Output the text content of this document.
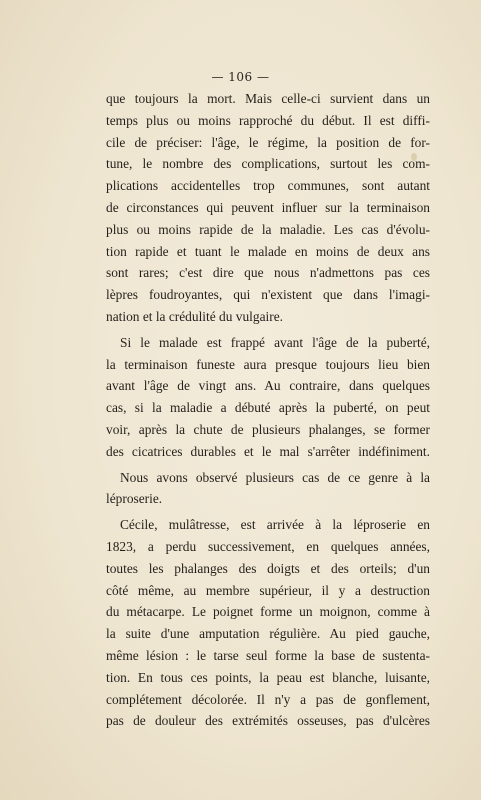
— 106 —
que toujours la mort. Mais celle-ci survient dans un
temps plus ou moins rapproché du début. Il est diffi-
cile de préciser: l'âge, le régime, la position de for-
tune, le nombre des complications, surtout les com-
plications accidentelles trop communes, sont autant
de circonstances qui peuvent influer sur la terminaison
plus ou moins rapide de la maladie. Les cas d'évolu-
tion rapide et tuant le malade en moins de deux ans
sont rares; c'est dire que nous n'admettons pas ces
lèpres foudroyantes, qui n'existent que dans l'imagi-
nation et la crédulité du vulgaire.
Si le malade est frappé avant l'âge de la puberté,
la terminaison funeste aura presque toujours lieu bien
avant l'âge de vingt ans. Au contraire, dans quelques
cas, si la maladie a débuté après la puberté, on peut
voir, après la chute de plusieurs phalanges, se former
des cicatrices durables et le mal s'arrêter indéfiniment.
Nous avons observé plusieurs cas de ce genre à la
léproserie.
Cécile, mulâtresse, est arrivée à la léproserie en
1823, a perdu successivement, en quelques années,
toutes les phalanges des doigts et des orteils; d'un
côté même, au membre supérieur, il y a destruction
du métacarpe. Le poignet forme un moignon, comme à
la suite d'une amputation régulière. Au pied gauche,
même lésion : le tarse seul forme la base de sustenta-
tion. En tous ces points, la peau est blanche, luisante,
complétement décolorée. Il n'y a pas de gonflement,
pas de douleur des extrémités osseuses, pas d'ulcères
